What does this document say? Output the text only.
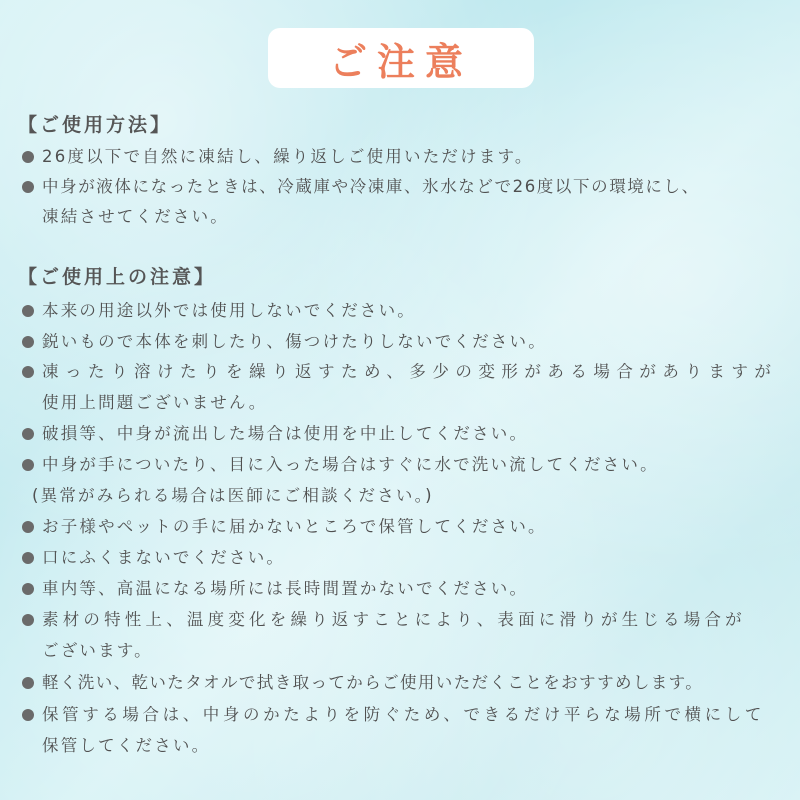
ご注意
【ご使用方法】
26度以下で自然に凍結し、繰り返しご使用いただけます。
中身が液体になったときは、冷蔵庫や冷凍庫、氷水などで26度以下の環境にし、
凍結させてください。
【ご使用上の注意】
本来の用途以外では使用しないでください。
鋭いもので本体を刺したり、傷つけたりしないでください。
凍ったり溶けたりを繰り返すため、多少の変形がある場合がありますが
使用上問題ございません。
破損等、中身が流出した場合は使用を中止してください。
中身が手についたり、目に入った場合はすぐに水で洗い流してください。
(異常がみられる場合は医師にご相談ください。)
お子様やペットの手に届かないところで保管してください。
口にふくまないでください。
車内等、高温になる場所には長時間置かないでください。
素材の特性上、温度変化を繰り返すことにより、表面に滑りが生じる場合が
ございます。
軽く洗い、乾いたタオルで拭き取ってからご使用いただくことをおすすめします。
保管する場合は、中身のかたよりを防ぐため、できるだけ平らな場所で横にして
保管してください。
